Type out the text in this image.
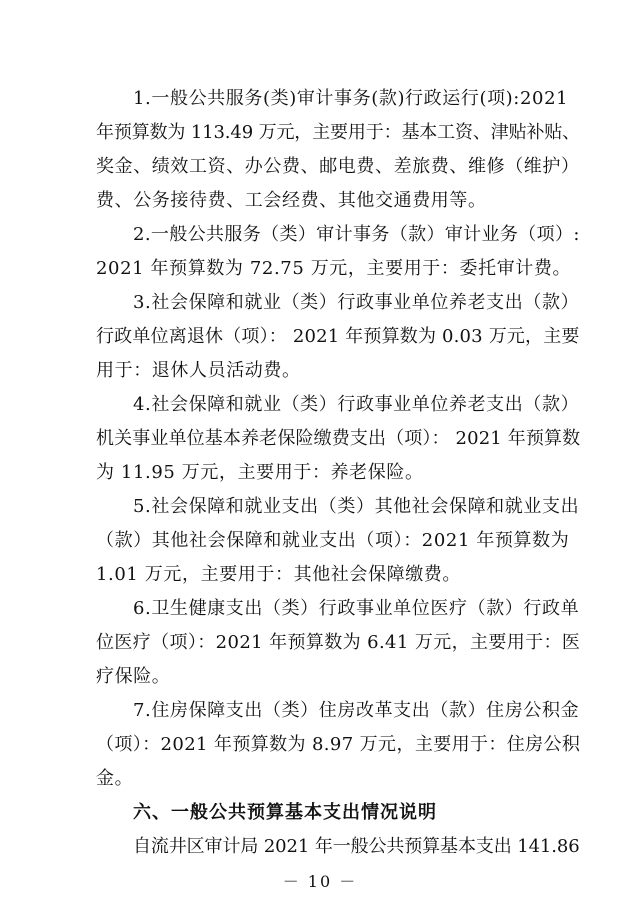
1.一般公共服务(类)审计事务(款)行政运行(项):2021
年预算数为 113.49 万元，主要用于：基本工资、津贴补贴、
奖金、绩效工资、办公费、邮电费、差旅费、维修（维护）
费、公务接待费、工会经费、其他交通费用等。
2.一般公共服务（类）审计事务（款）审计业务（项）:
2021 年预算数为 72.75 万元，主要用于：委托审计费。
3.社会保障和就业（类）行政事业单位养老支出（款）
行政单位离退休（项）： 2021 年预算数为 0.03 万元，主要
用于：退休人员活动费。
4.社会保障和就业（类）行政事业单位养老支出（款）
机关事业单位基本养老保险缴费支出（项）： 2021 年预算数
为 11.95 万元，主要用于：养老保险。
5.社会保障和就业支出（类）其他社会保障和就业支出
（款）其他社会保障和就业支出（项）：2021 年预算数为
1.01 万元，主要用于：其他社会保障缴费。
6.卫生健康支出（类）行政事业单位医疗（款）行政单
位医疗（项）：2021 年预算数为 6.41 万元，主要用于：医
疗保险。
7.住房保障支出（类）住房改革支出（款）住房公积金
（项）：2021 年预算数为 8.97 万元，主要用于：住房公积
金。
六、一般公共预算基本支出情况说明
自流井区审计局 2021 年一般公共预算基本支出 141.86
－ 10 －
